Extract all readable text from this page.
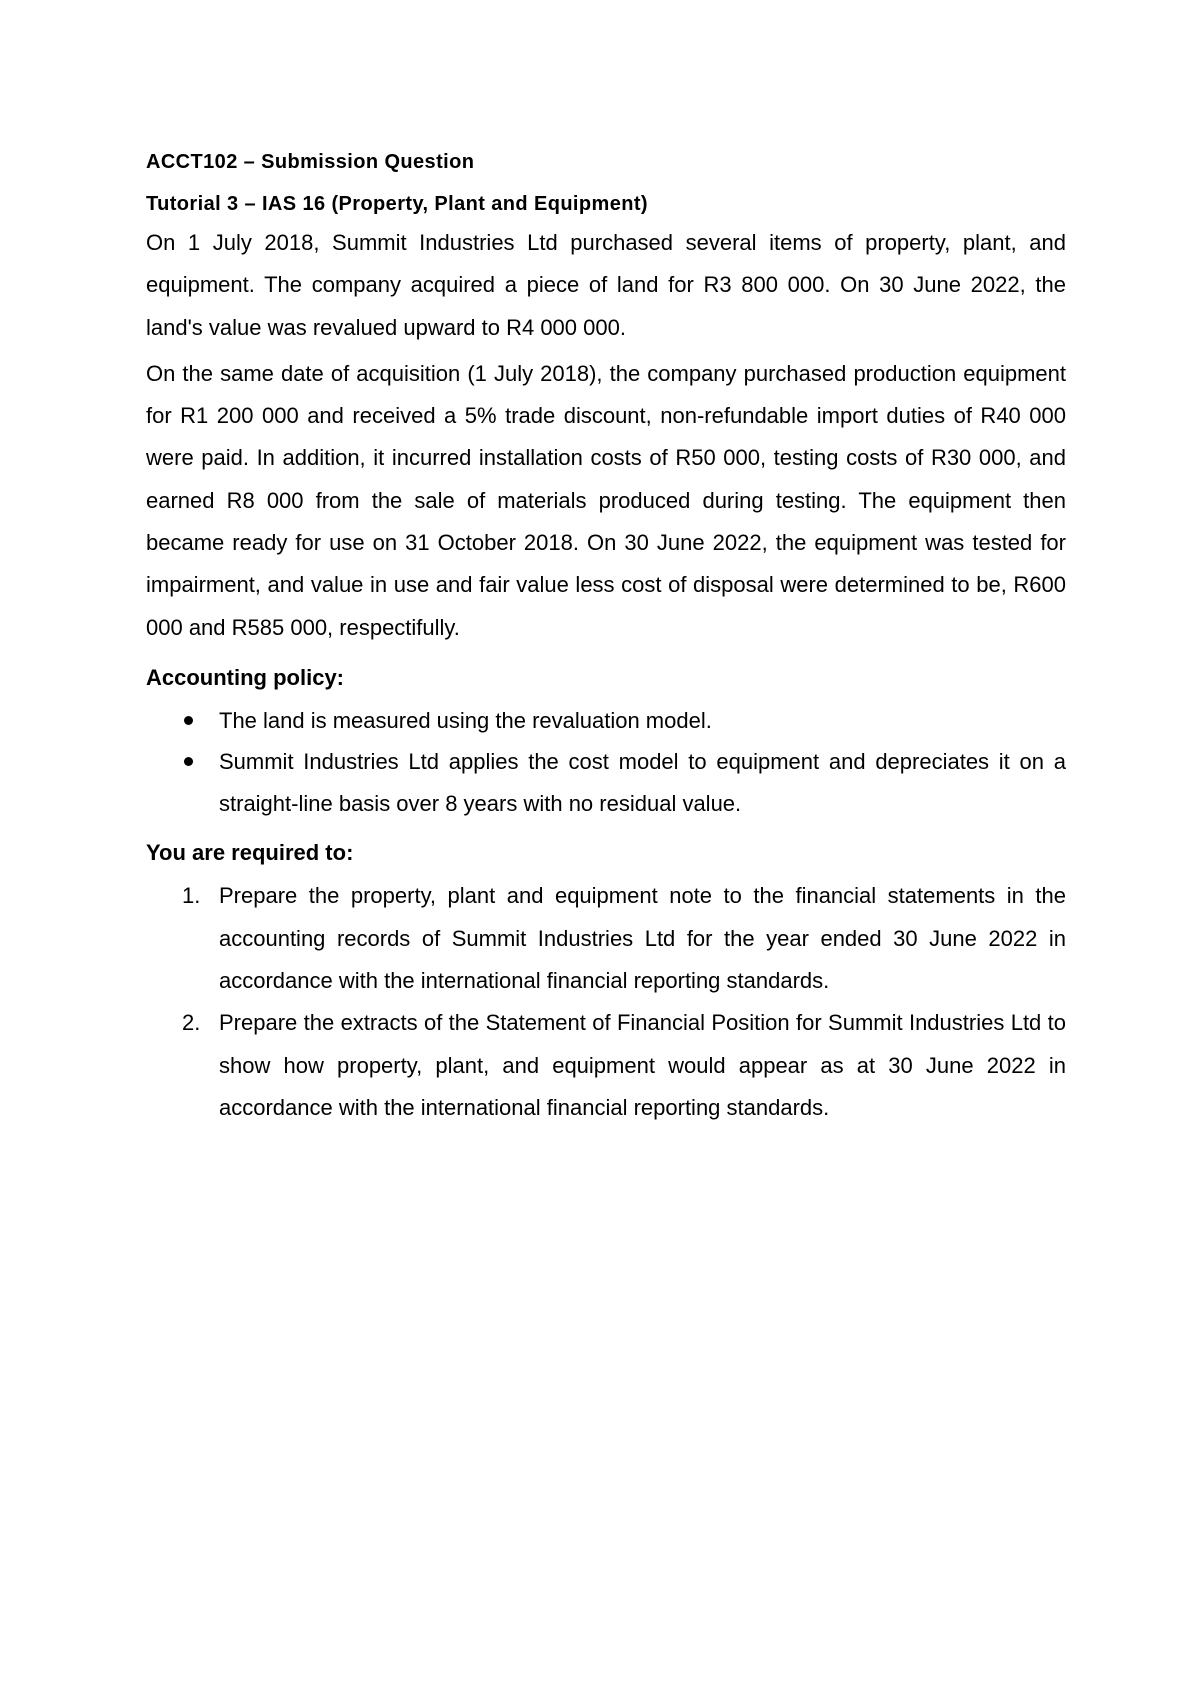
ACCT102 – Submission Question

Tutorial 3 – IAS 16 (Property, Plant and Equipment)

On 1 July 2018, Summit Industries Ltd purchased several items of property, plant, and equipment. The company acquired a piece of land for R3 800 000. On 30 June 2022, the land's value was revalued upward to R4 000 000.

On the same date of acquisition (1 July 2018), the company purchased production equipment for R1 200 000 and received a 5% trade discount, non-refundable import duties of R40 000 were paid. In addition, it incurred installation costs of R50 000, testing costs of R30 000, and earned R8 000 from the sale of materials produced during testing. The equipment then became ready for use on 31 October 2018. On 30 June 2022, the equipment was tested for impairment, and value in use and fair value less cost of disposal were determined to be, R600 000 and R585 000, respectifully.

Accounting policy:

The land is measured using the revaluation model.
Summit Industries Ltd applies the cost model to equipment and depreciates it on a straight-line basis over 8 years with no residual value.

You are required to:

1. Prepare the property, plant and equipment note to the financial statements in the accounting records of Summit Industries Ltd for the year ended 30 June 2022 in accordance with the international financial reporting standards.
2. Prepare the extracts of the Statement of Financial Position for Summit Industries Ltd to show how property, plant, and equipment would appear as at 30 June 2022 in accordance with the international financial reporting standards.
